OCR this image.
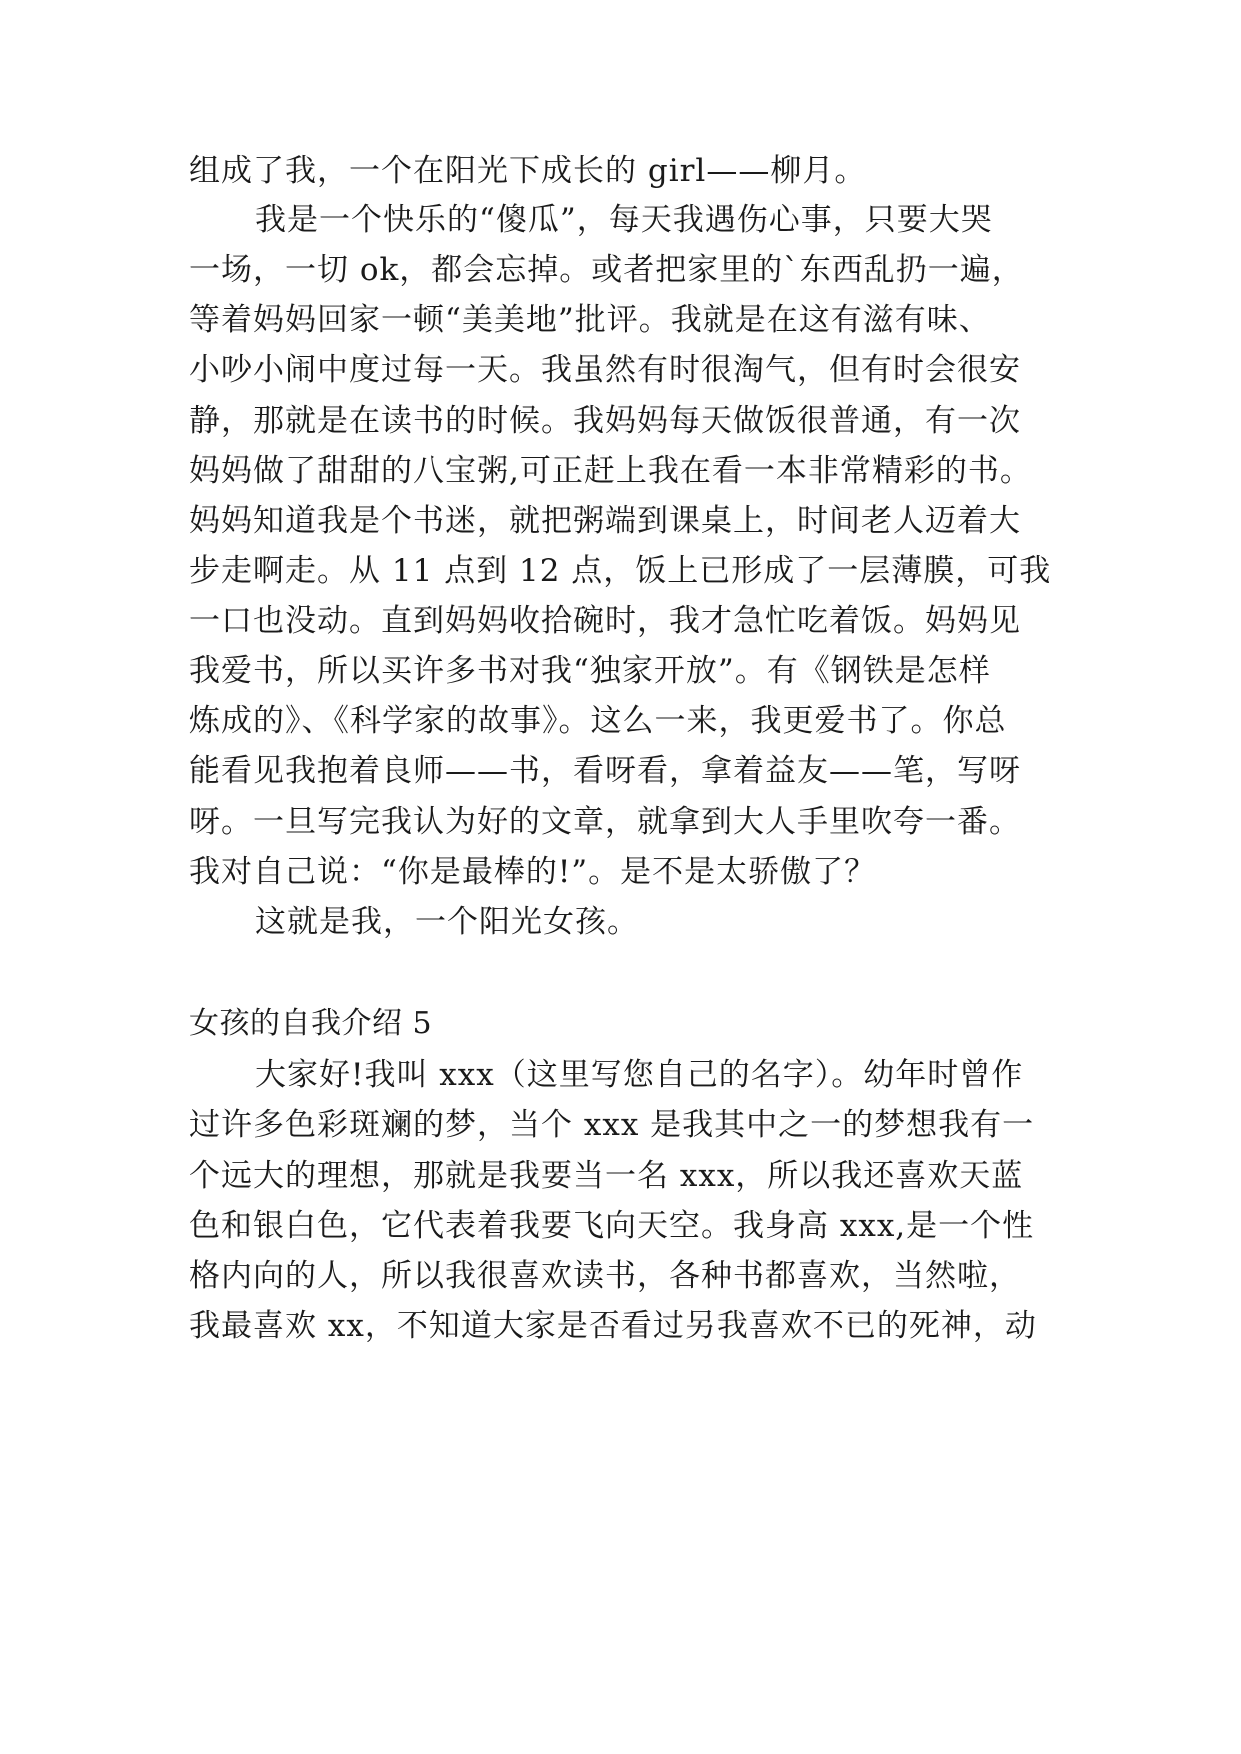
组成了我，一个在阳光下成长的 girl——柳月。
我是一个快乐的“傻瓜”，每天我遇伤心事，只要大哭
一场，一切 ok，都会忘掉。或者把家里的`东西乱扔一遍，
等着妈妈回家一顿“美美地”批评。我就是在这有滋有味、
小吵小闹中度过每一天。我虽然有时很淘气，但有时会很安
静，那就是在读书的时候。我妈妈每天做饭很普通，有一次
妈妈做了甜甜的八宝粥,可正赶上我在看一本非常精彩的书。
妈妈知道我是个书迷，就把粥端到课桌上，时间老人迈着大
步走啊走。从 11 点到 12 点，饭上已形成了一层薄膜，可我
一口也没动。直到妈妈收拾碗时，我才急忙吃着饭。妈妈见
我爱书，所以买许多书对我“独家开放”。有《钢铁是怎样
炼成的》、《科学家的故事》。这么一来，我更爱书了。你总
能看见我抱着良师——书，看呀看，拿着益友——笔，写呀
呀。一旦写完我认为好的文章，就拿到大人手里吹夸一番。
我对自己说：“你是最棒的!”。是不是太骄傲了？
这就是我，一个阳光女孩。
女孩的自我介绍 5
大家好!我叫 xxx（这里写您自己的名字）。幼年时曾作
过许多色彩斑斓的梦，当个 xxx 是我其中之一的梦想我有一
个远大的理想，那就是我要当一名 xxx，所以我还喜欢天蓝
色和银白色，它代表着我要飞向天空。我身高 xxx,是一个性
格内向的人，所以我很喜欢读书，各种书都喜欢，当然啦，
我最喜欢 xx，不知道大家是否看过另我喜欢不已的死神，动
